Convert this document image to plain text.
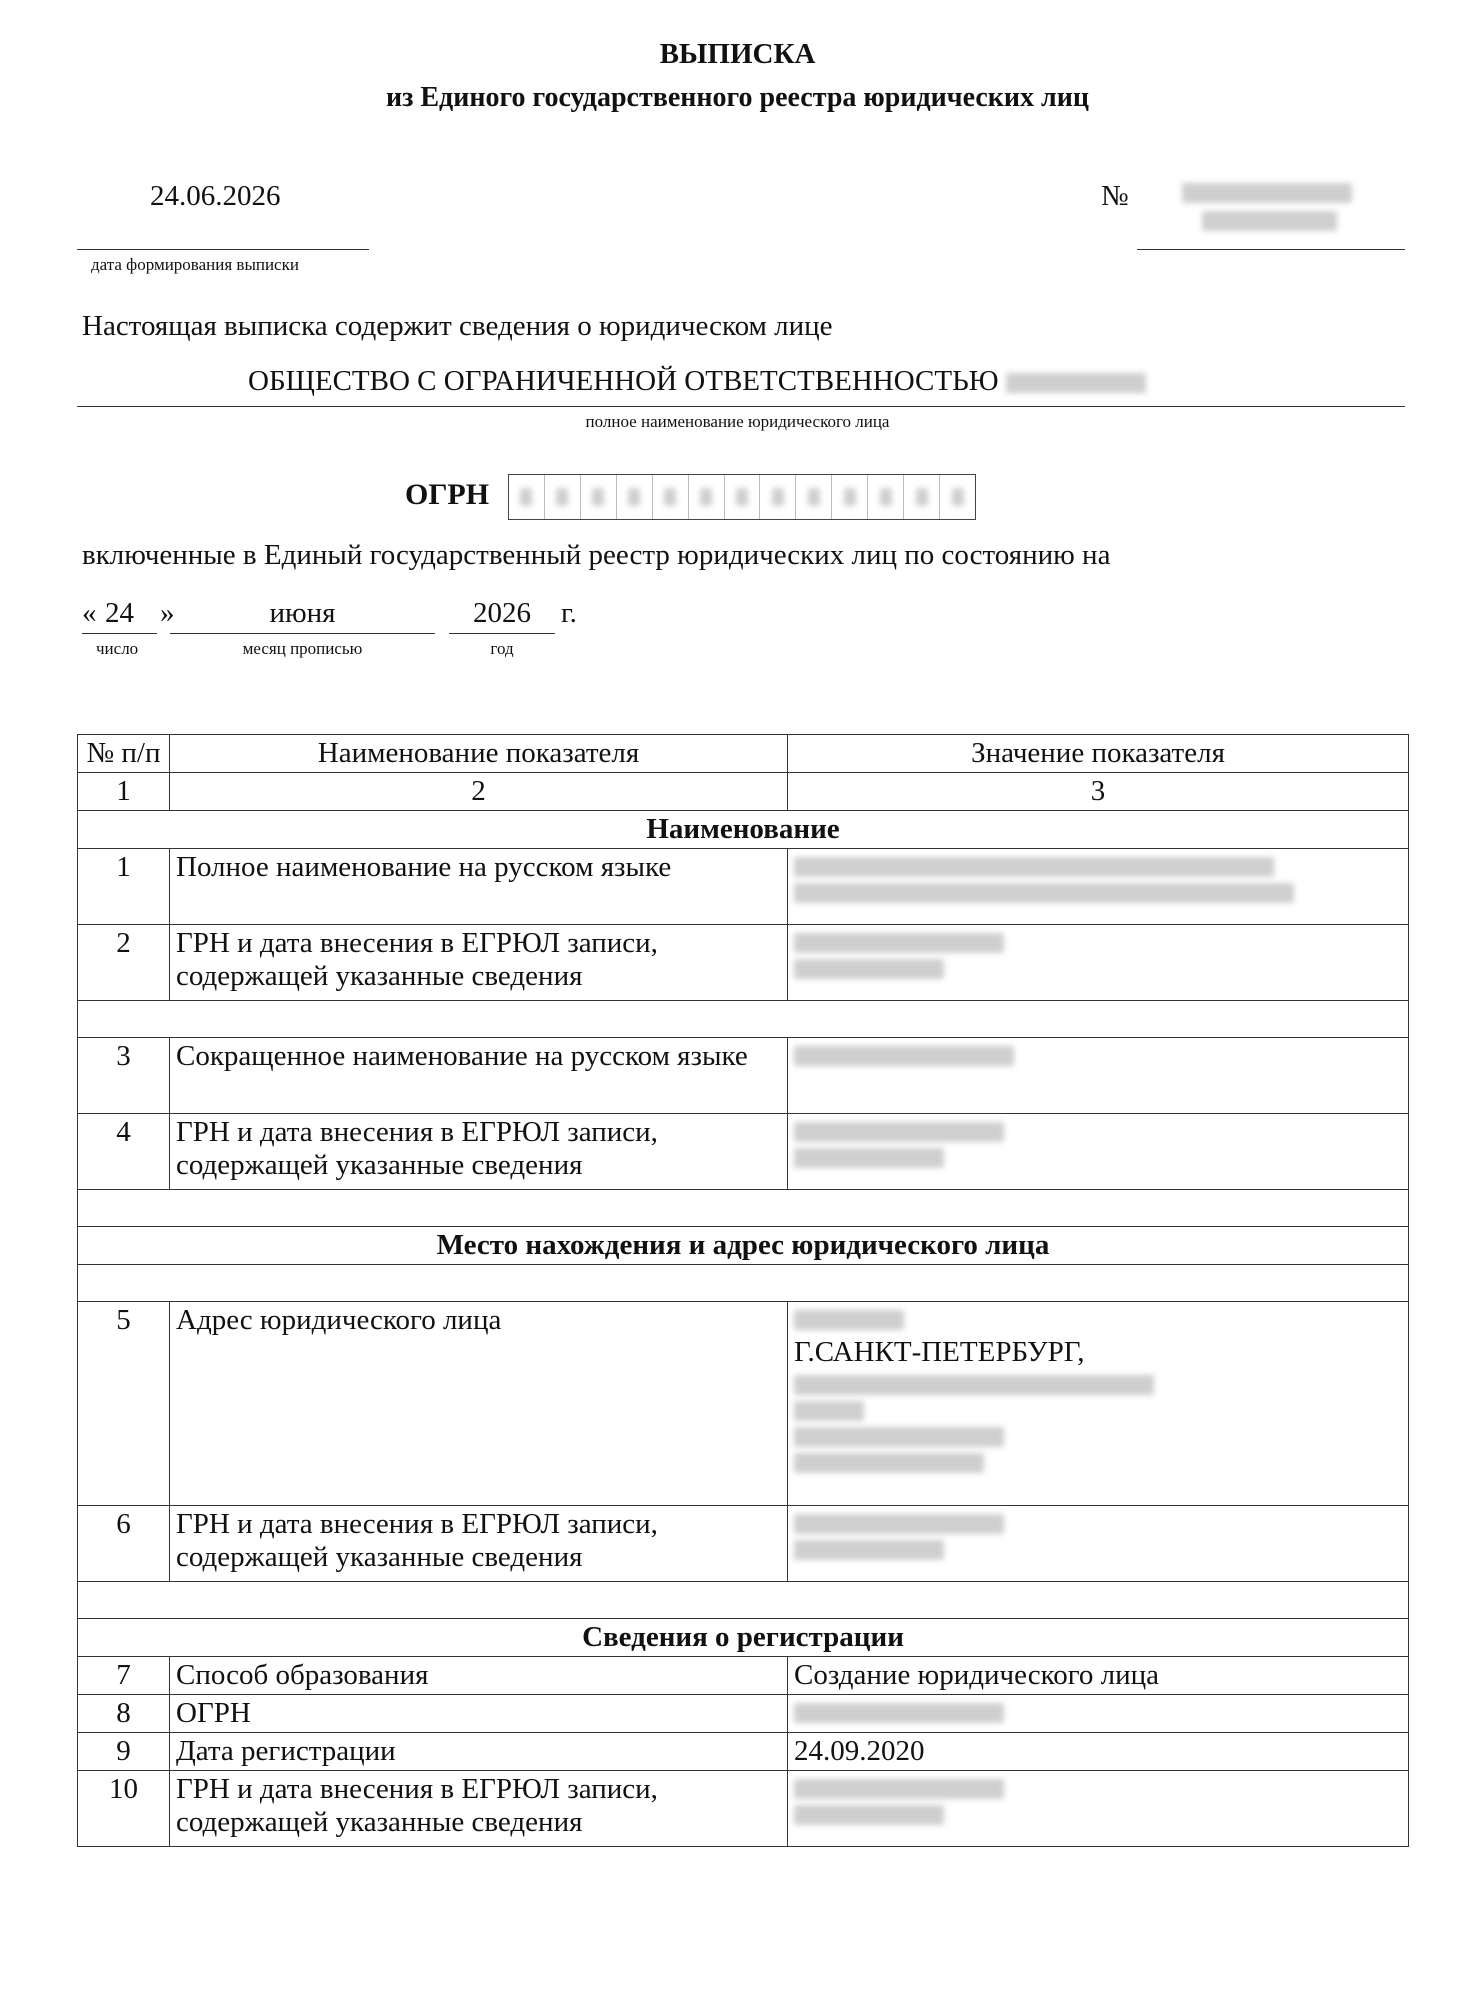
ВЫПИСКА
из Единого государственного реестра юридических лиц
24.06.2026
дата формирования выписки
№
Настоящая выписка содержит сведения о юридическом лице
ОБЩЕСТВО С ОГРАНИЧЕННОЙ ОТВЕТСТВЕННОСТЬЮ
полное наименование юридического лица
ОГРН
включенные в Единый государственный реестр юридических лиц по состоянию на
« 24 »
число
июня
месяц прописью
2026
год
г.
№ п/п	Наименование показателя	Значение показателя
1	2	3
Наименование		
1	Полное наименование на русском языке	

2	ГРН и дата внесения в ЕГРЮЛ записи, содержащей указанные сведения	

3	Сокращенное наименование на русском языке	

4	ГРН и дата внесения в ЕГРЮЛ записи, содержащей указанные сведения	

Место нахождения и адрес юридического лица		

5	Адрес юридического лица	Г.САНКТ-ПЕТЕРБУРГ,

6	ГРН и дата внесения в ЕГРЮЛ записи, содержащей указанные сведения	

Сведения о регистрации		
7	Способ образования	Создание юридического лица
8	ОГРН	

9	Дата регистрации	24.09.2020
10	ГРН и дата внесения в ЕГРЮЛ записи, содержащей указанные сведения	
